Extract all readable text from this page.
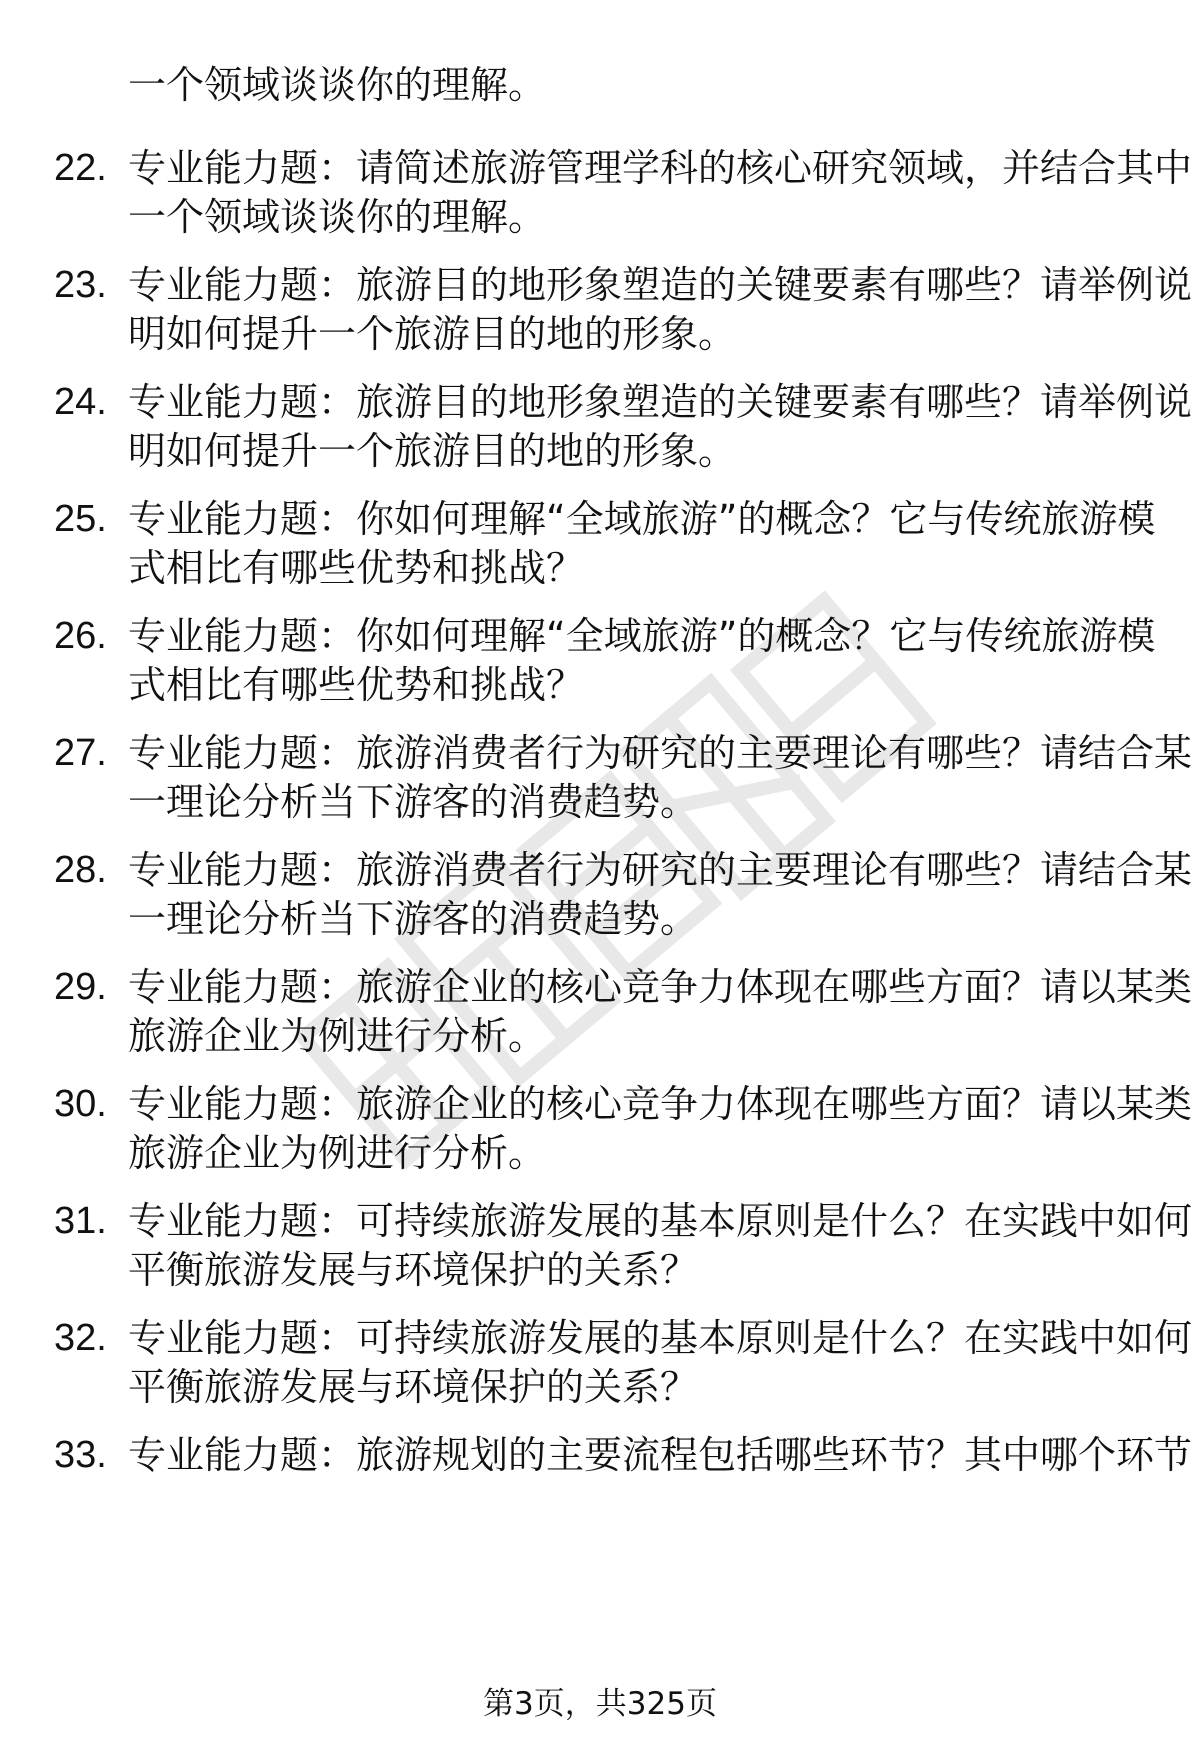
一个领域谈谈你的理解。
22. 专业能力题：请简述旅游管理学科的核心研究领域，并结合其中
一个领域谈谈你的理解。
23. 专业能力题：旅游目的地形象塑造的关键要素有哪些？请举例说
明如何提升一个旅游目的地的形象。
24. 专业能力题：旅游目的地形象塑造的关键要素有哪些？请举例说
明如何提升一个旅游目的地的形象。
25. 专业能力题：你如何理解“全域旅游”的概念？它与传统旅游模
式相比有哪些优势和挑战？
26. 专业能力题：你如何理解“全域旅游”的概念？它与传统旅游模
式相比有哪些优势和挑战？
27. 专业能力题：旅游消费者行为研究的主要理论有哪些？请结合某
一理论分析当下游客的消费趋势。
28. 专业能力题：旅游消费者行为研究的主要理论有哪些？请结合某
一理论分析当下游客的消费趋势。
29. 专业能力题：旅游企业的核心竞争力体现在哪些方面？请以某类
旅游企业为例进行分析。
30. 专业能力题：旅游企业的核心竞争力体现在哪些方面？请以某类
旅游企业为例进行分析。
31. 专业能力题：可持续旅游发展的基本原则是什么？在实践中如何
平衡旅游发展与环境保护的关系？
32. 专业能力题：可持续旅游发展的基本原则是什么？在实践中如何
平衡旅游发展与环境保护的关系？
33. 专业能力题：旅游规划的主要流程包括哪些环节？其中哪个环节
第3页，共325页
